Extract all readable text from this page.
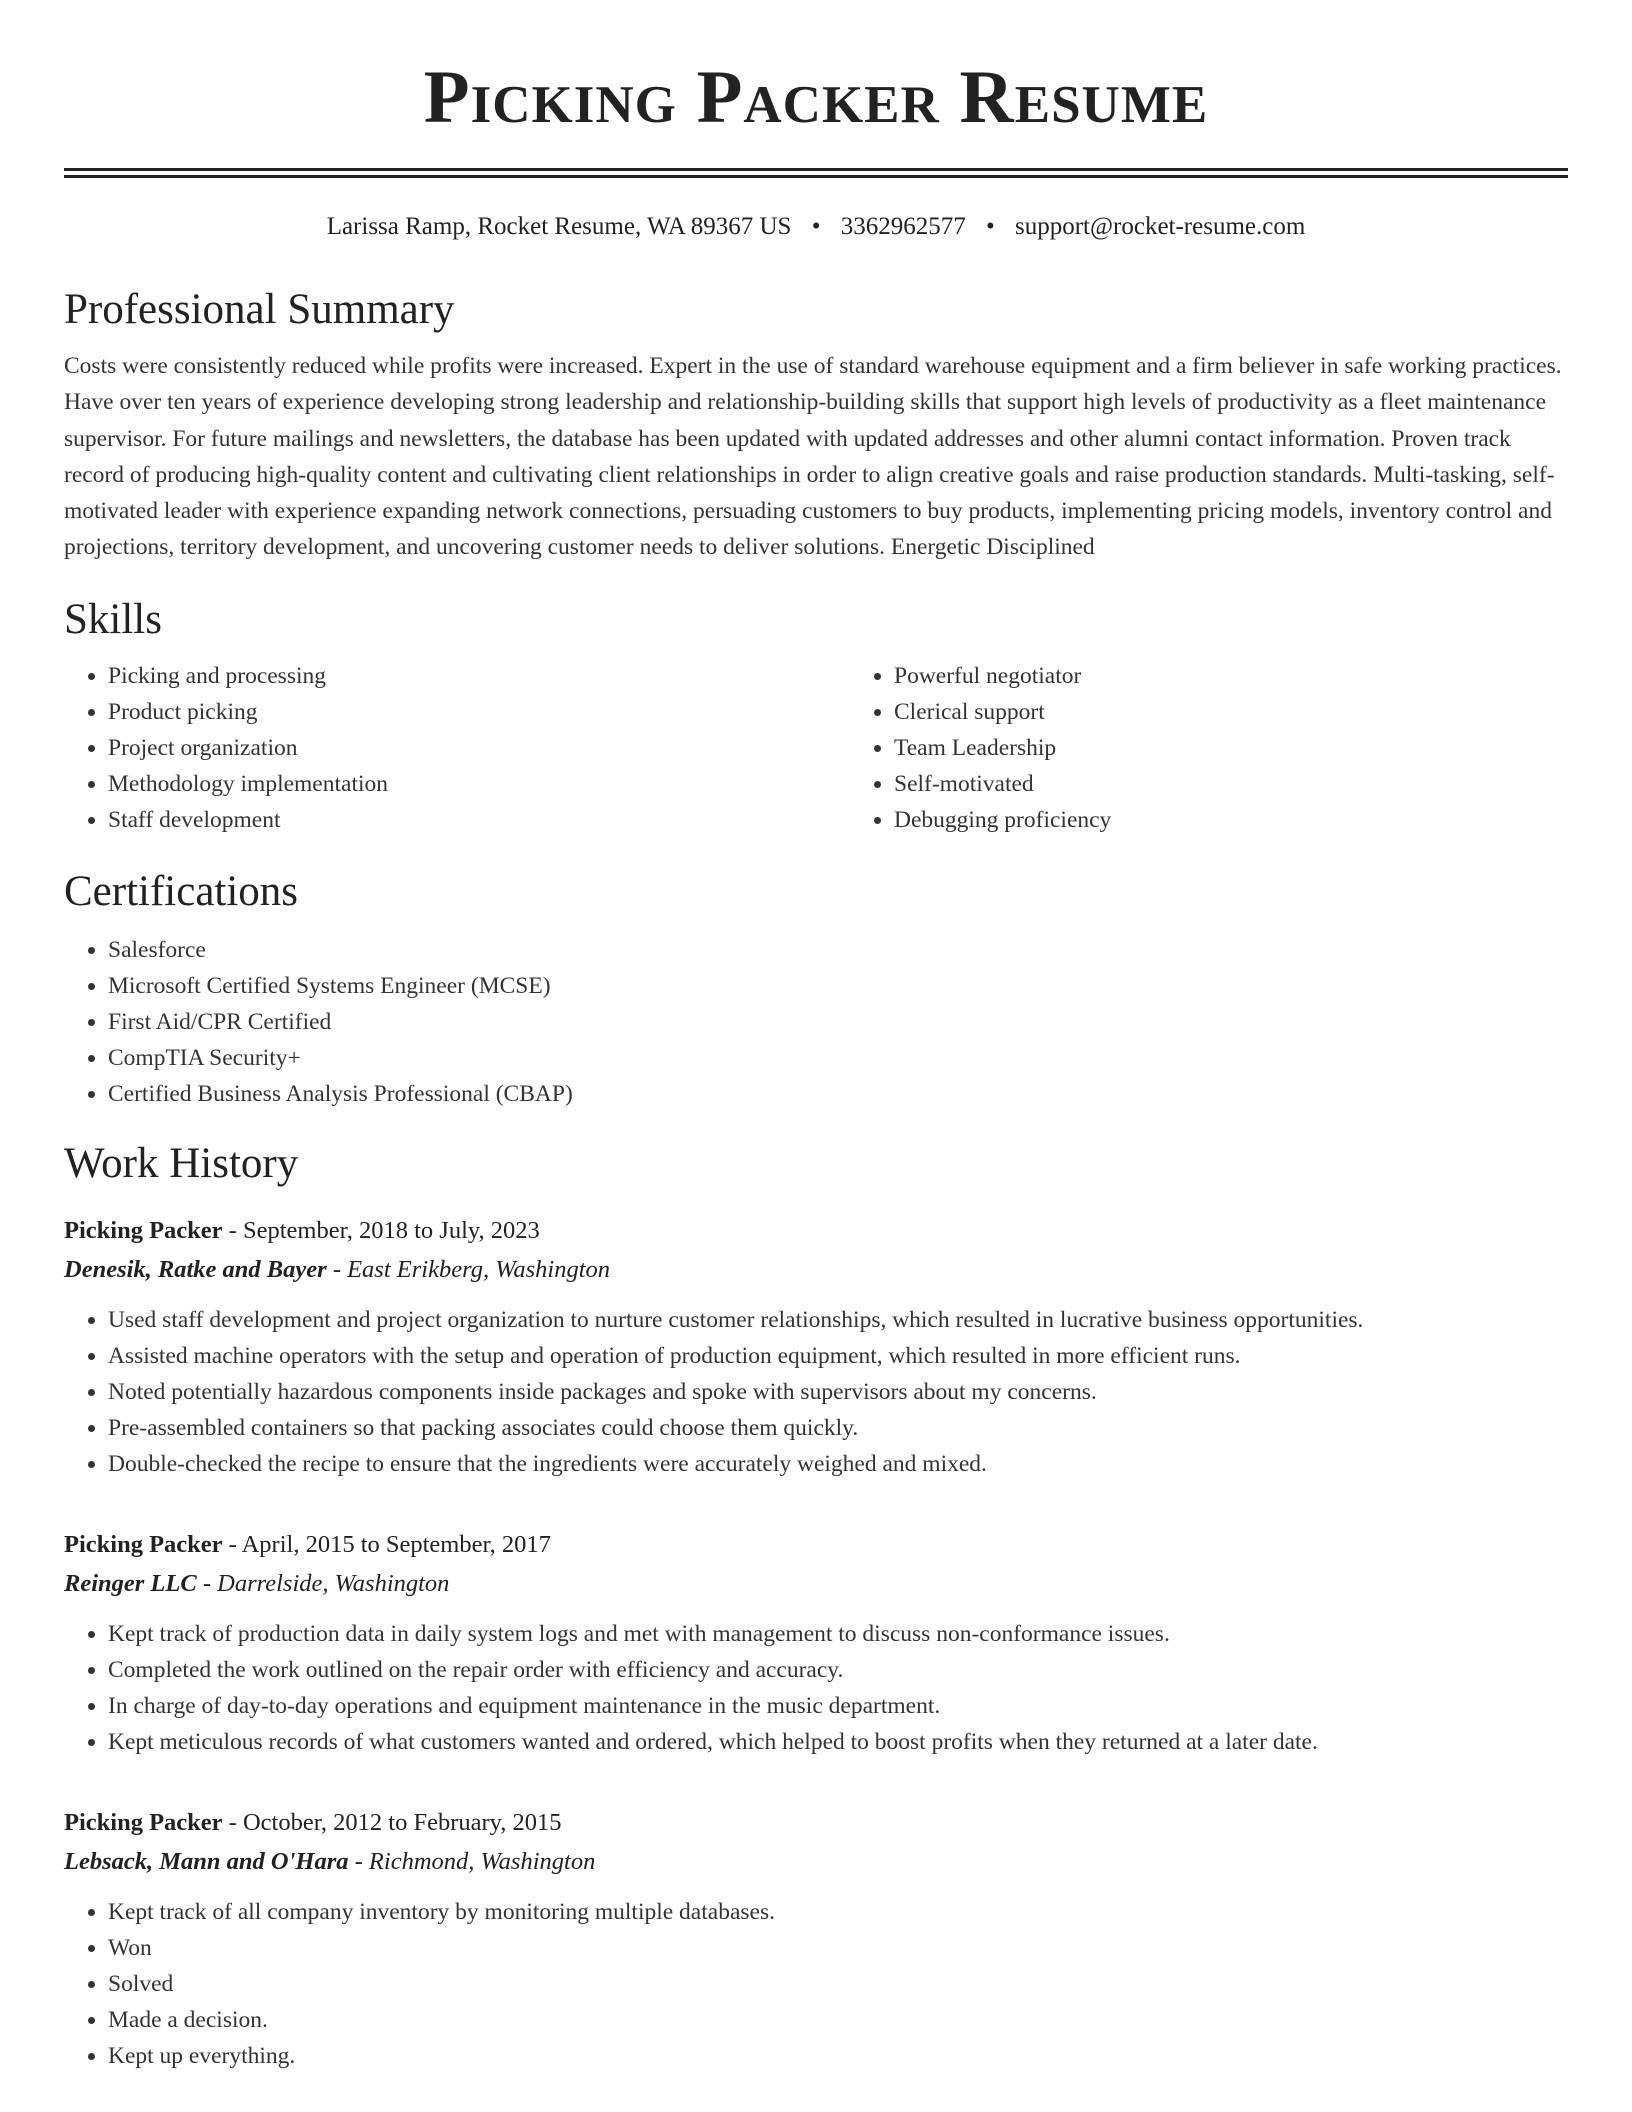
Picking Packer Resume
Larissa Ramp, Rocket Resume, WA 89367 US • 3362962577 • support@rocket-resume.com
Professional Summary

Costs were consistently reduced while profits were increased. Expert in the use of standard warehouse equipment and a firm believer in safe working practices. Have over ten years of experience developing strong leadership and relationship-building skills that support high levels of productivity as a fleet maintenance supervisor. For future mailings and newsletters, the database has been updated with updated addresses and other alumni contact information. Proven track record of producing high-quality content and cultivating client relationships in order to align creative goals and raise production standards. Multi-tasking, self-motivated leader with experience expanding network connections, persuading customers to buy products, implementing pricing models, inventory control and projections, territory development, and uncovering customer needs to deliver solutions. Energetic Disciplined

Skills
• Picking and processing
• Product picking
• Project organization
• Methodology implementation
• Staff development
• Powerful negotiator
• Clerical support
• Team Leadership
• Self-motivated
• Debugging proficiency
Certifications
• Salesforce
• Microsoft Certified Systems Engineer (MCSE)
• First Aid/CPR Certified
• CompTIA Security+
• Certified Business Analysis Professional (CBAP)
Work History
Picking Packer - September, 2018 to July, 2023
Denesik, Ratke and Bayer - East Erikberg, Washington
• Used staff development and project organization to nurture customer relationships, which resulted in lucrative business opportunities.
• Assisted machine operators with the setup and operation of production equipment, which resulted in more efficient runs.
• Noted potentially hazardous components inside packages and spoke with supervisors about my concerns.
• Pre-assembled containers so that packing associates could choose them quickly.
• Double-checked the recipe to ensure that the ingredients were accurately weighed and mixed.
Picking Packer - April, 2015 to September, 2017
Reinger LLC - Darrelside, Washington
• Kept track of production data in daily system logs and met with management to discuss non-conformance issues.
• Completed the work outlined on the repair order with efficiency and accuracy.
• In charge of day-to-day operations and equipment maintenance in the music department.
• Kept meticulous records of what customers wanted and ordered, which helped to boost profits when they returned at a later date.
Picking Packer - October, 2012 to February, 2015
Lebsack, Mann and O'Hara - Richmond, Washington
• Kept track of all company inventory by monitoring multiple databases.
• Won
• Solved
• Made a decision.
• Kept up everything.
